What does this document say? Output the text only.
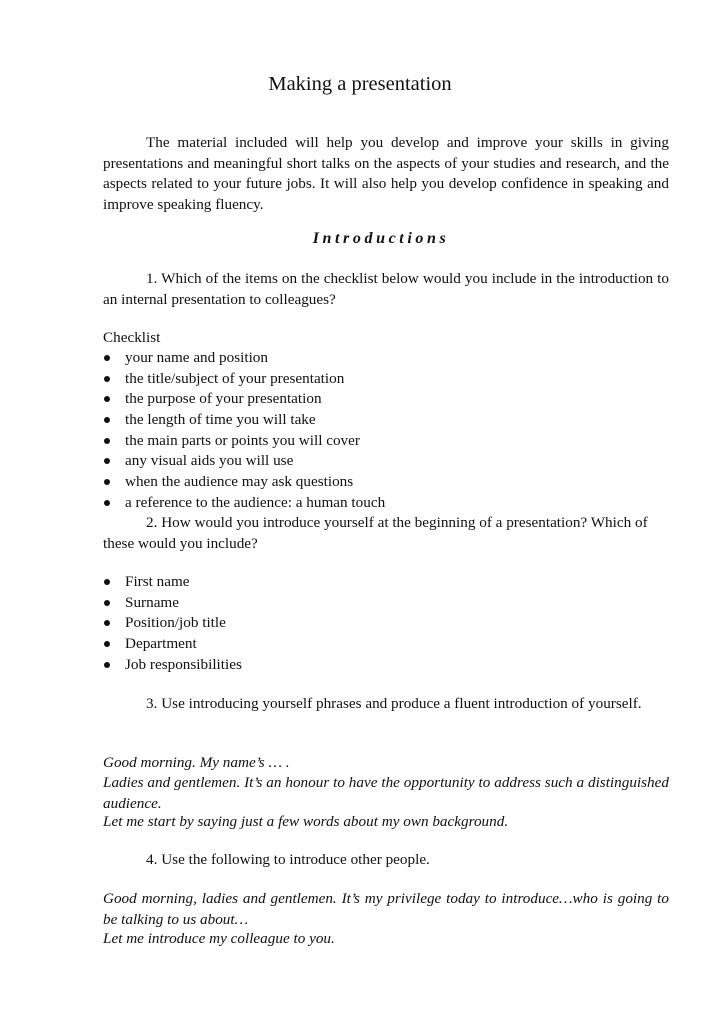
Making a presentation

The material included will help you develop and improve your skills in giving presentations and meaningful short talks on the aspects of your studies and research, and the aspects related to your future jobs. It will also help you develop confidence in speaking and improve speaking fluency.

Introductions

1. Which of the items on the checklist below would you include in the introduction to an internal presentation to colleagues?

Checklist
your name and position
the title/subject of your presentation
the purpose of your presentation
the length of time you will take
the main parts or points you will cover
any visual aids you will use
when the audience may ask questions
a reference to the audience: a human touch

2. How would you introduce yourself at the beginning of a presentation? Which of these would you include?

First name
Surname
Position/job title
Department
Job responsibilities

3. Use introducing yourself phrases and produce a fluent introduction of yourself.

Good morning. My name’s … .

Ladies and gentlemen. It’s an honour to have the opportunity to address such a distinguished audience.

Let me start by saying just a few words about my own background.

4. Use the following to introduce other people.

Good morning, ladies and gentlemen. It’s my privilege today to introduce…who is going to be talking to us about…

Let me introduce my colleague to you.
